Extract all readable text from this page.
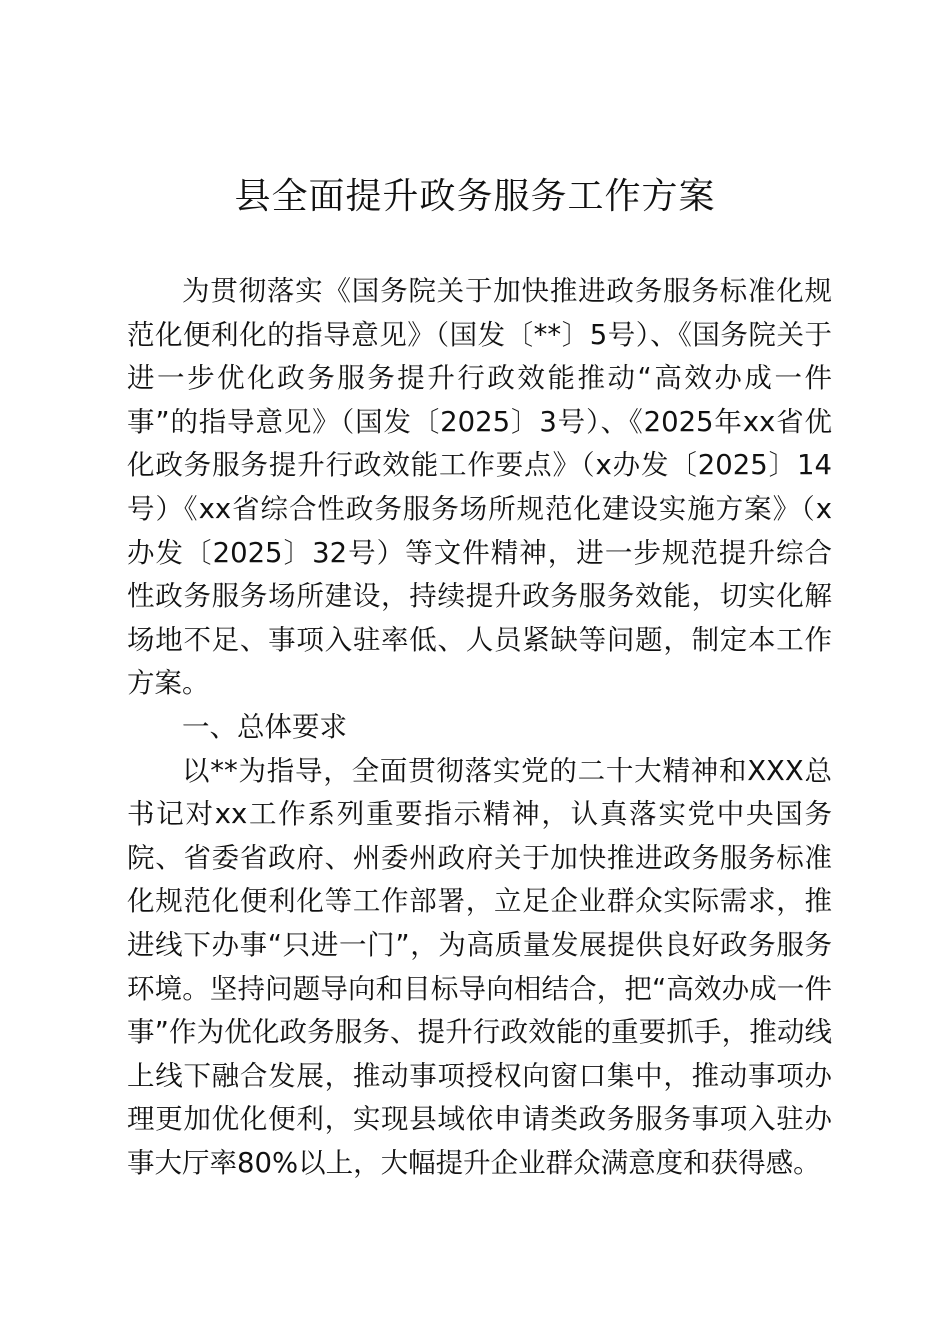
县全面提升政务服务工作方案

为贯彻落实《国务院关于加快推进政务服务标准化规范化便利化的指导意见》（国发〔**〕5号）、《国务院关于进一步优化政务服务提升行政效能推动“高效办成一件事”的指导意见》（国发〔2025〕3号）、《2025年xx省优化政务服务提升行政效能工作要点》（x办发〔2025〕14号）《xx省综合性政务服务场所规范化建设实施方案》（x办发〔2025〕32号）等文件精神，进一步规范提升综合性政务服务场所建设，持续提升政务服务效能，切实化解场地不足、事项入驻率低、人员紧缺等问题，制定本工作方案。

一、总体要求

以**为指导，全面贯彻落实党的二十大精神和XXX总书记对xx工作系列重要指示精神，认真落实党中央国务院、省委省政府、州委州政府关于加快推进政务服务标准化规范化便利化等工作部署，立足企业群众实际需求，推进线下办事“只进一门”，为高质量发展提供良好政务服务环境。坚持问题导向和目标导向相结合，把“高效办成一件事”作为优化政务服务、提升行政效能的重要抓手，推动线上线下融合发展，推动事项授权向窗口集中，推动事项办理更加优化便利，实现县域依申请类政务服务事项入驻办事大厅率80%以上，大幅提升企业群众满意度和获得感。
